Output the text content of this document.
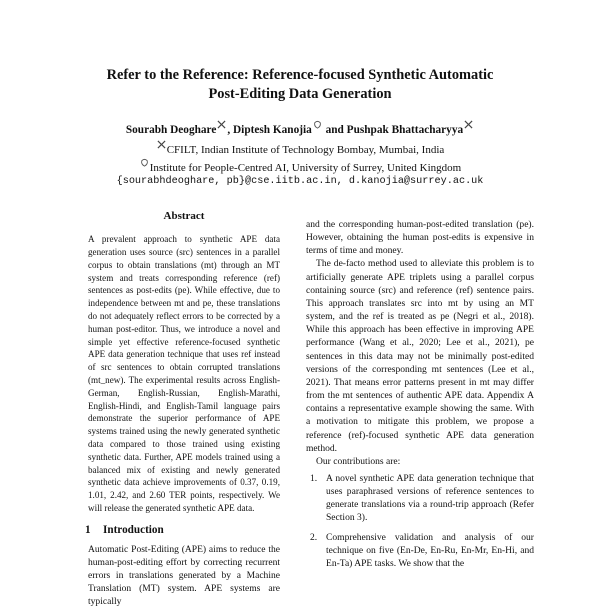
Refer to the Reference: Reference-focused Synthetic Automatic
Post-Editing Data Generation
Sourabh Deoghare , Diptesh Kanojia
and Pushpak Bhattacharyya
CFILT, Indian Institute of Technology Bombay, Mumbai, India
Institute for People-Centred AI, University of Surrey, United Kingdom
{sourabhdeoghare, pb}@cse.iitb.ac.in, d.kanojia@surrey.ac.uk
Abstract

A prevalent approach to synthetic APE data generation uses source (src) sentences in a parallel corpus to obtain translations (mt) through an MT system and treats corresponding reference (ref) sentences as post-edits (pe). While effective, due to independence between mt and pe, these translations do not adequately reflect errors to be corrected by a human post-editor. Thus, we introduce a novel and simple yet effective reference-focused synthetic APE data generation technique that uses ref instead of src sentences to obtain corrupted translations (mt_new). The experimental results across English-German, English-Russian, English-Marathi, English-Hindi, and English-Tamil language pairs demonstrate the superior performance of APE systems trained using the newly generated synthetic data compared to those trained using existing synthetic data. Further, APE models trained using a balanced mix of existing and newly generated synthetic data achieve improvements of 0.37, 0.19, 1.01, 2.42, and 2.60 TER points, respectively. We will release the generated synthetic APE data.

1 Introduction

Automatic Post-Editing (APE) aims to reduce the human-post-editing effort by correcting recurrent errors in translations generated by a Machine Translation (MT) system. APE systems are typically

and the corresponding human-post-edited translation (pe). However, obtaining the human post-edits is expensive in terms of time and money.

The de-facto method used to alleviate this problem is to artificially generate APE triplets using a parallel corpus containing source (src) and reference (ref) sentence pairs. This approach translates src into mt by using an MT system, and the ref is treated as pe (Negri et al., 2018). While this approach has been effective in improving APE performance (Wang et al., 2020; Lee et al., 2021), pe sentences in this data may not be minimally post-edited versions of the corresponding mt sentences (Lee et al., 2021). That means error patterns present in mt may differ from the mt sentences of authentic APE data. Appendix A contains a representative example showing the same. With a motivation to mitigate this problem, we propose a reference (ref)-focused synthetic APE data generation method.

Our contributions are:

1. A novel synthetic APE data generation technique that uses paraphrased versions of reference sentences to generate translations via a round-trip approach (Refer Section 3).
2. Comprehensive validation and analysis of our technique on five (En-De, En-Ru, En-Mr, En-Hi, and En-Ta) APE tasks. We show that the
